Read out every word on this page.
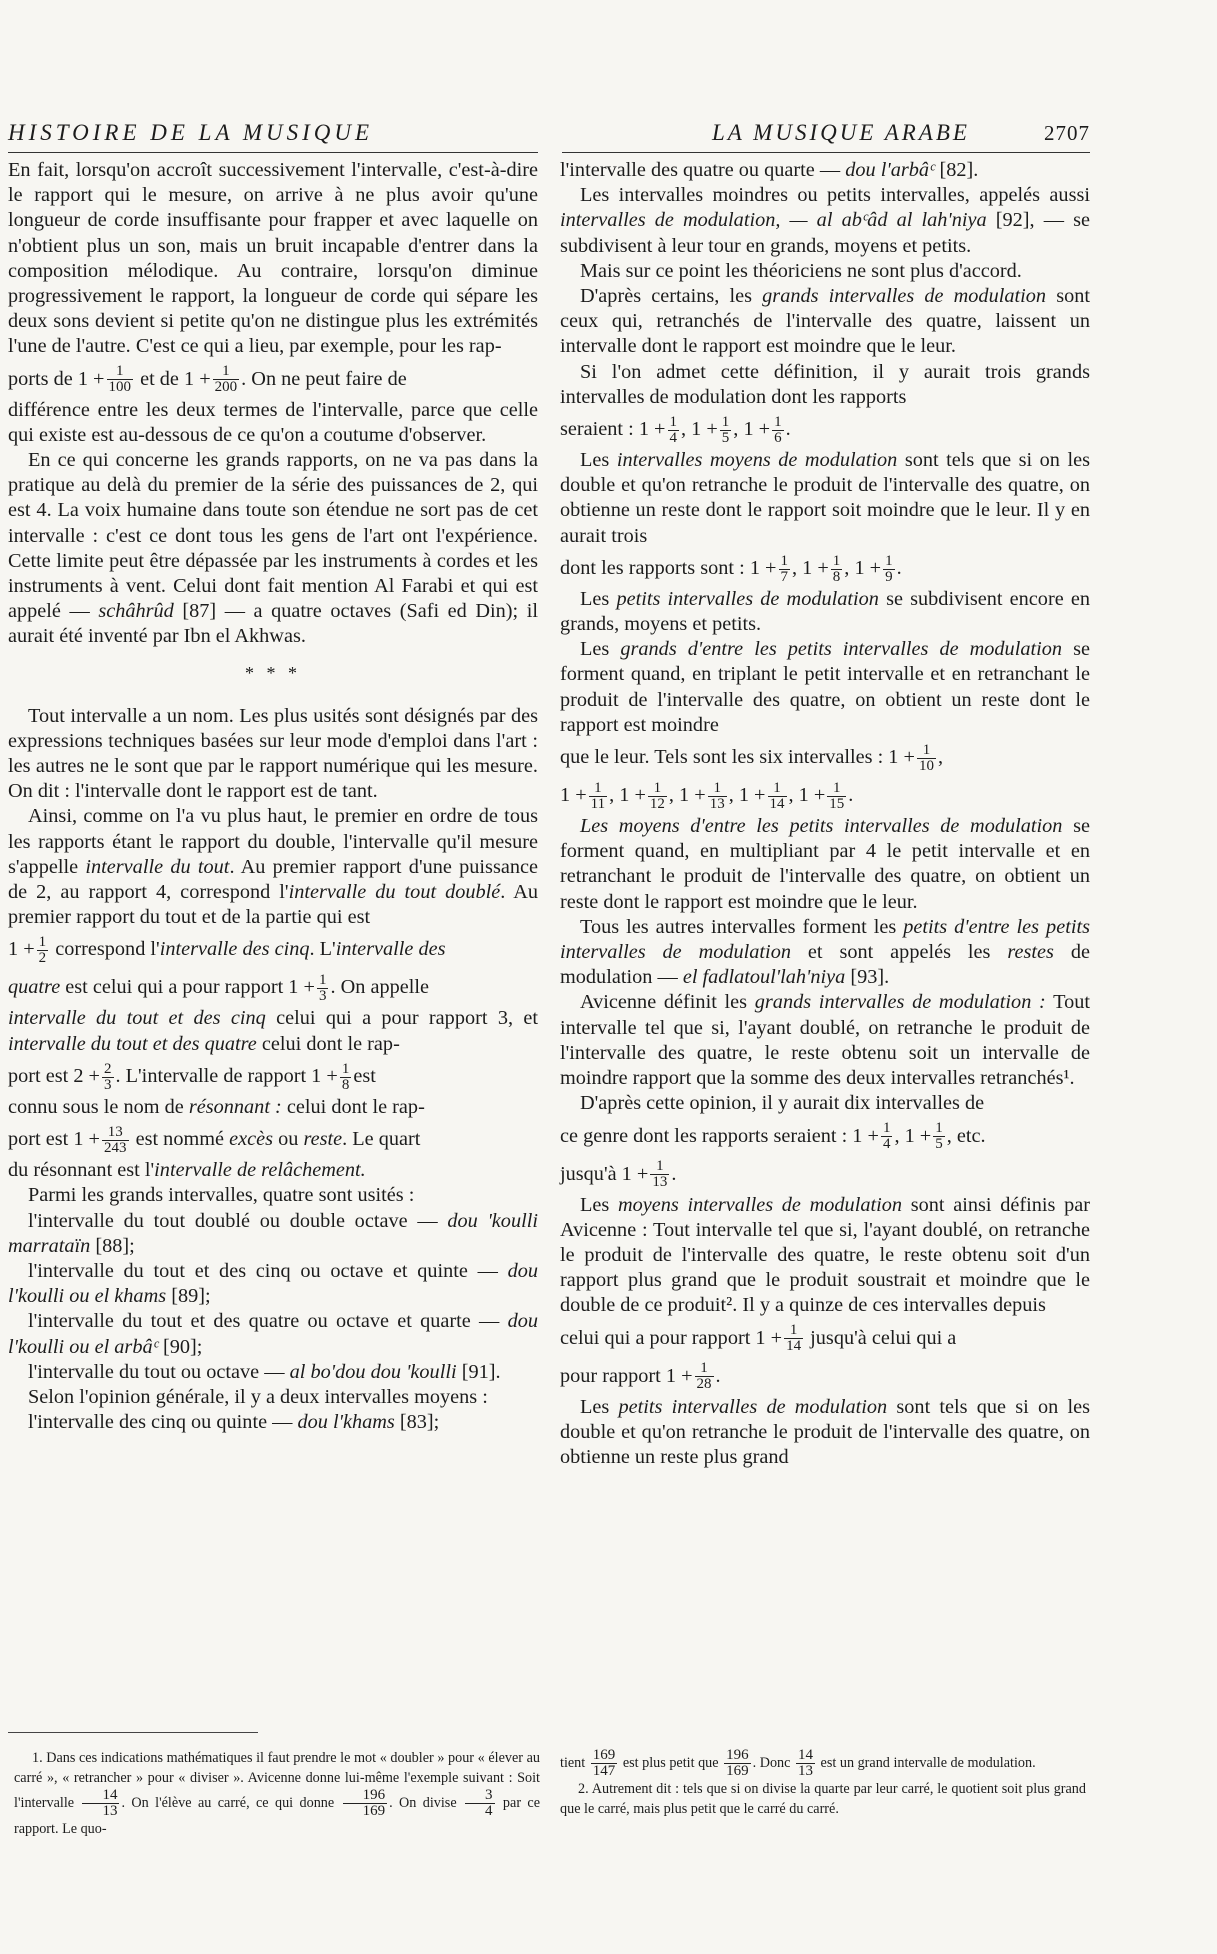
HISTOIRE DE LA MUSIQUE	LA MUSIQUE ARABE	2707

En fait, lorsqu'on accroît successivement l'intervalle, c'est-à-dire le rapport qui le mesure, on arrive à ne plus avoir qu'une longueur de corde insuffisante pour frapper et avec laquelle on n'obtient plus un son, mais un bruit incapable d'entrer dans la composition mélodique. Au contraire, lorsqu'on diminue progressivement le rapport, la longueur de corde qui sépare les deux sons devient si petite qu'on ne distingue plus les extrémités l'une de l'autre. C'est ce qui a lieu, par exemple, pour les rap-

ports de $1 + \frac{1}{100}$ et de $1 + \frac{1}{200}$ . On ne peut faire de

différence entre les deux termes de l'intervalle, parce que celle qui existe est au-dessous de ce qu'on a coutume d'observer.

En ce qui concerne les grands rapports, on ne va pas dans la pratique au delà du premier de la série des puissances de 2, qui est 4. La voix humaine dans toute son étendue ne sort pas de cet intervalle : c'est ce dont tous les gens de l'art ont l'expérience. Cette limite peut être dépassée par les instruments à cordes et les instruments à vent. Celui dont fait mention Al Farabi et qui est appelé — schâhrûd [87] — a quatre octaves (Safi ed Din); il aurait été inventé par Ibn el Akhwas.

* * *

Tout intervalle a un nom. Les plus usités sont désignés par des expressions techniques basées sur leur mode d'emploi dans l'art : les autres ne le sont que par le rapport numérique qui les mesure. On dit : l'intervalle dont le rapport est de tant.

Ainsi, comme on l'a vu plus haut, le premier en ordre de tous les rapports étant le rapport du double, l'intervalle qu'il mesure s'appelle intervalle du tout. Au premier rapport d'une puissance de 2, au rapport 4, correspond l'intervalle du tout doublé. Au premier rapport du tout et de la partie qui est

$1 + \frac{1}{2}$ correspond l'intervalle des cinq. L'intervalle des

quatre est celui qui a pour rapport $1 + \frac{1}{3}$ . On appelle

intervalle du tout et des cinq celui qui a pour rapport 3, et intervalle du tout et des quatre celui dont le rap-

port est $2 + \frac{2}{3}$ . L'intervalle de rapport $1 + \frac{1}{8}$ est

connu sous le nom de résonnant : celui dont le rap-

port est $1 + \frac{13}{243}$ est nommé excès ou reste. Le quart

du résonnant est l'intervalle de relâchement.

Parmi les grands intervalles, quatre sont usités :

l'intervalle du tout doublé ou double octave — dou 'koulli marrataïn [88];

l'intervalle du tout et des cinq ou octave et quinte — dou l'koulli ou el khams [89];

l'intervalle du tout et des quatre ou octave et quarte — dou l'koulli ou el arbâᶜ [90];

l'intervalle du tout ou octave — al bo'dou dou 'koulli [91].

Selon l'opinion générale, il y a deux intervalles moyens :

l'intervalle des cinq ou quinte — dou l'khams [83];

l'intervalle des quatre ou quarte — dou l'arbâᶜ [82].

Les intervalles moindres ou petits intervalles, appelés aussi intervalles de modulation, — al abᶜâd al lah'niya [92], — se subdivisent à leur tour en grands, moyens et petits.

Mais sur ce point les théoriciens ne sont plus d'accord.

D'après certains, les grands intervalles de modulation sont ceux qui, retranchés de l'intervalle des quatre, laissent un intervalle dont le rapport est moindre que le leur.

Si l'on admet cette définition, il y aurait trois grands intervalles de modulation dont les rapports

seraient : $1 + \frac{1}{4}$ , $1 + \frac{1}{5}$ , $1 + \frac{1}{6}$ .

Les intervalles moyens de modulation sont tels que si on les double et qu'on retranche le produit de l'intervalle des quatre, on obtienne un reste dont le rapport soit moindre que le leur. Il y en aurait trois

dont les rapports sont : $1 + \frac{1}{7}$ , $1 + \frac{1}{8}$ , $1 + \frac{1}{9}$ .

Les petits intervalles de modulation se subdivisent encore en grands, moyens et petits.

Les grands d'entre les petits intervalles de modulation se forment quand, en triplant le petit intervalle et en retranchant le produit de l'intervalle des quatre, on obtient un reste dont le rapport est moindre

que le leur. Tels sont les six intervalles : $1 + \frac{1}{10}$ ,

$1 + \frac{1}{11}$ , $1 + \frac{1}{12}$ , $1 + \frac{1}{13}$ , $1 + \frac{1}{14}$ , $1 + \frac{1}{15}$ .

Les moyens d'entre les petits intervalles de modulation se forment quand, en multipliant par 4 le petit intervalle et en retranchant le produit de l'intervalle des quatre, on obtient un reste dont le rapport est moindre que le leur.

Tous les autres intervalles forment les petits d'entre les petits intervalles de modulation et sont appelés les restes de modulation — el fadlatoul'lah'niya [93].

Avicenne définit les grands intervalles de modulation : Tout intervalle tel que si, l'ayant doublé, on retranche le produit de l'intervalle des quatre, le reste obtenu soit un intervalle de moindre rapport que la somme des deux intervalles retranchés¹.

D'après cette opinion, il y aurait dix intervalles de

ce genre dont les rapports seraient : $1 + \frac{1}{4}$ , $1 + \frac{1}{5}$ , etc.

jusqu'à $1 + \frac{1}{13}$ .

Les moyens intervalles de modulation sont ainsi définis par Avicenne : Tout intervalle tel que si, l'ayant doublé, on retranche le produit de l'intervalle des quatre, le reste obtenu soit d'un rapport plus grand que le produit soustrait et moindre que le double de ce produit². Il y a quinze de ces intervalles depuis

celui qui a pour rapport $1 + \frac{1}{14}$ jusqu'à celui qui a

pour rapport $1 + \frac{1}{28}$ .

Les petits intervalles de modulation sont tels que si on les double et qu'on retranche le produit de l'intervalle des quatre, on obtienne un reste plus grand

1. Dans ces indications mathématiques il faut prendre le mot « doubler » pour « élever au carré », « retrancher » pour « diviser ». Avicenne donne lui-même l'exemple suivant : Soit l'intervalle $\frac{14}{13}$ . On l'élève au carré, ce qui donne $\frac{196}{169}$ . On divise $\frac{3}{4}$ par ce rapport. Le quo-

tient $\frac{169}{147}$ est plus petit que $\frac{196}{169}$ . Donc $\frac{14}{13}$ est un grand intervalle de modulation.

2. Autrement dit : tels que si on divise la quarte par leur carré, le quotient soit plus grand que le carré, mais plus petit que le carré du carré.
